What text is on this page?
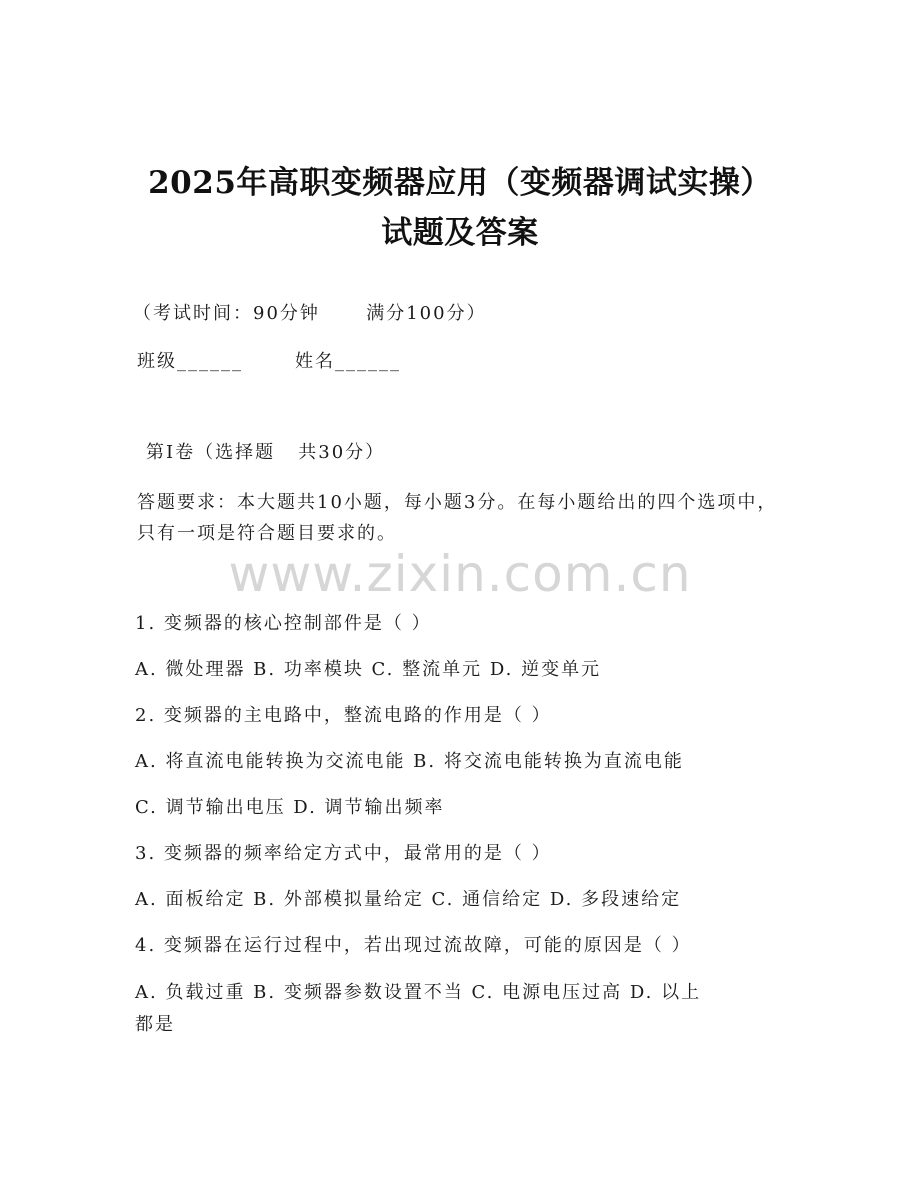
2025年高职变频器应用（变频器调试实操）
试题及答案
（考试时间：90分钟      满分100分）
班级______	姓名______
第Ⅰ卷（选择题   共30分）
答题要求：本大题共10小题，每小题3分。在每小题给出的四个选项中，只有一项是符合题目要求的。
www.zixin.com.cn
1. 变频器的核心控制部件是（ ）
A. 微处理器 B. 功率模块 C. 整流单元 D. 逆变单元
2. 变频器的主电路中，整流电路的作用是（ ）
A. 将直流电能转换为交流电能 B. 将交流电能转换为直流电能
C. 调节输出电压 D. 调节输出频率
3. 变频器的频率给定方式中，最常用的是（ ）
A. 面板给定 B. 外部模拟量给定 C. 通信给定 D. 多段速给定
4. 变频器在运行过程中，若出现过流故障，可能的原因是（ ）
A. 负载过重 B. 变频器参数设置不当 C. 电源电压过高 D. 以上
都是
